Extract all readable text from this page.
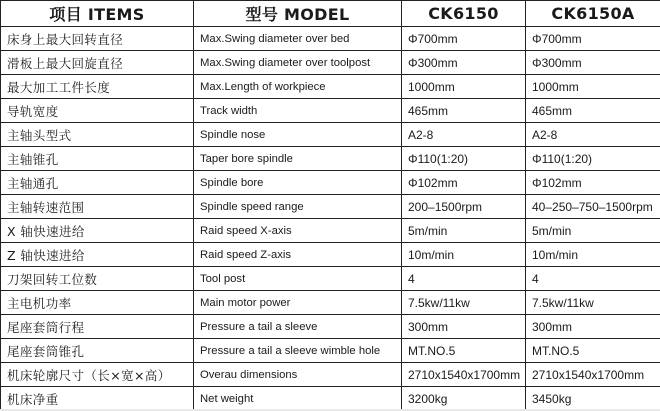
项目 ITEMS	型号 MODEL	CK6150	CK6150A
床身上最大回转直径	Max.Swing diameter over bed	Φ700mm	Φ700mm
滑板上最大回旋直径	Max.Swing diameter over toolpost	Φ300mm	Φ300mm
最大加工工件长度	Max.Length of workpiece	1000mm	1000mm
导轨宽度	Track width	465mm	465mm
主轴头型式	Spindle nose	A2-8	A2-8
主轴锥孔	Taper bore spindle	Φ110(1:20)	Φ110(1:20)
主轴通孔	Spindle bore	Φ102mm	Φ102mm
主轴转速范围	Spindle speed range	200–1500rpm	40–250–750–1500rpm
X 轴快速进给	Raid speed X-axis	5m/min	5m/min
Z 轴快速进给	Raid speed Z-axis	10m/min	10m/min
刀架回转工位数	Tool post	4	4
主电机功率	Main motor power	7.5kw/11kw	7.5kw/11kw
尾座套筒行程	Pressure a tail a sleeve	300mm	300mm
尾座套筒锥孔	Pressure a tail a sleeve wimble hole	MT.NO.5	MT.NO.5
机床轮廓尺寸（长×宽×高）	Overau dimensions	2710x1540x1700mm	2710x1540x1700mm
机床净重	Net weight	3200kg	3450kg
